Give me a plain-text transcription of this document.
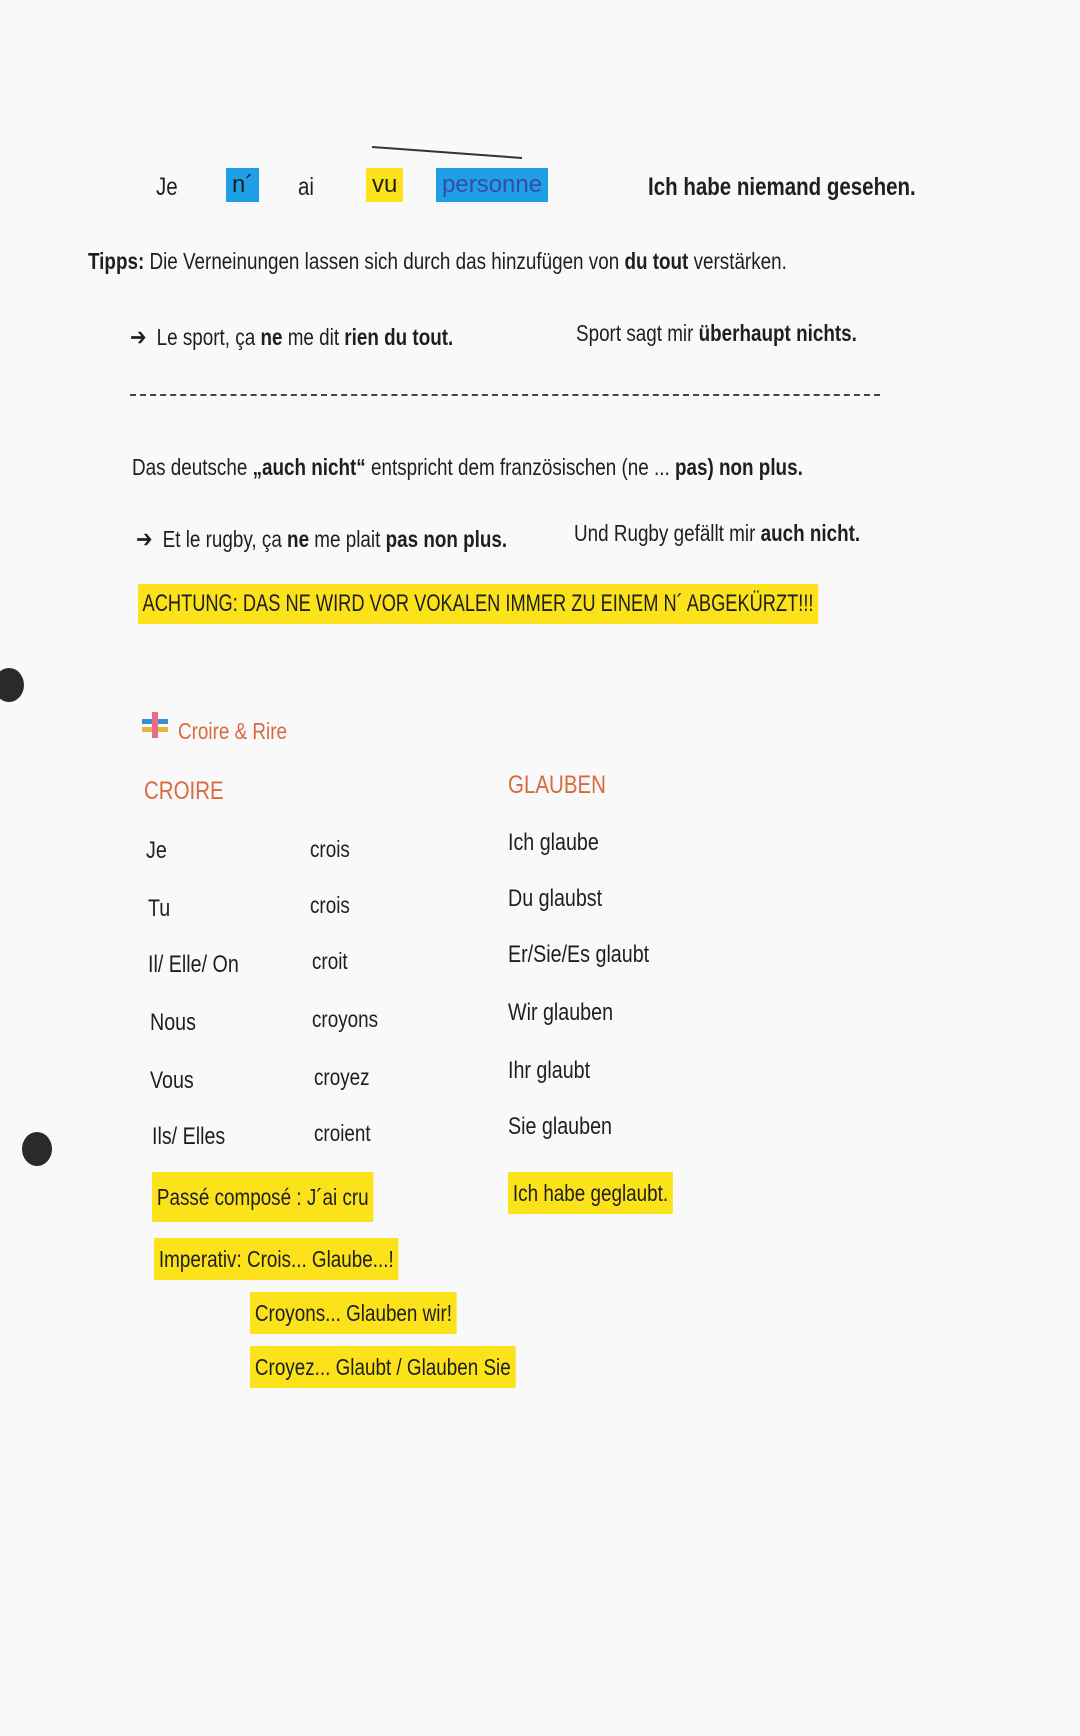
Je n´ ai vu personne	Ich habe niemand gesehen.
Tipps: Die Verneinungen lassen sich durch das hinzufügen von du tout verstärken.
➔ Le sport, ça ne me dit rien du tout.	Sport sagt mir überhaupt nichts.
Das deutsche „auch nicht“ entspricht dem französischen (ne ... pas) non plus.
➔ Et le rugby, ça ne me plait pas non plus.	Und Rugby gefällt mir auch nicht.
ACHTUNG: DAS NE WIRD VOR VOKALEN IMMER ZU EINEM N´ ABGEKÜRZT!!!
Croire & Rire
CROIRE	GLAUBEN
Je	crois	Ich glaube
Tu	crois	Du glaubst
Il/ Elle/ On	croit	Er/Sie/Es glaubt
Nous	croyons	Wir glauben
Vous	croyez	Ihr glaubt
Ils/ Elles	croient	Sie glauben
Passé composé : J´ai cru	Ich habe geglaubt.
Imperativ: Crois... Glaube...!
Croyons... Glauben wir!
Croyez... Glaubt / Glauben Sie
